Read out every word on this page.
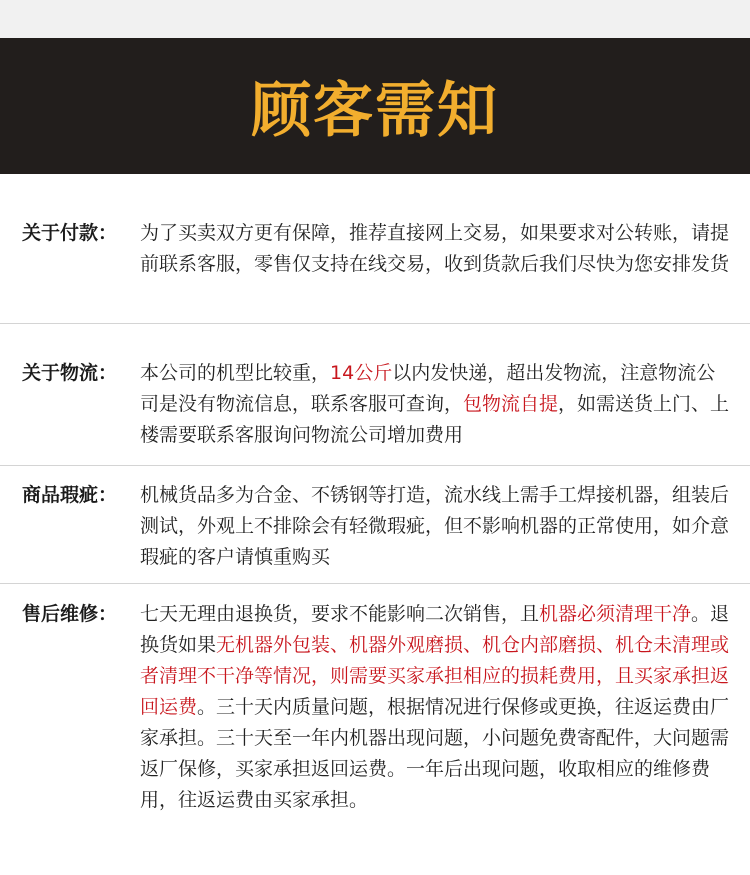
顾客需知
关于付款：	为了买卖双方更有保障，推荐直接网上交易，如果要求对公转账，请提前联系客服，零售仅支持在线交易，收到货款后我们尽快为您安排发货
关于物流：	本公司的机型比较重，14公斤以内发快递，超出发物流，注意物流公司是没有物流信息，联系客服可查询，包物流自提，如需送货上门、上楼需要联系客服询问物流公司增加费用
商品瑕疵：	机械货品多为合金、不锈钢等打造，流水线上需手工焊接机器，组装后测试，外观上不排除会有轻微瑕疵，但不影响机器的正常使用，如介意瑕疵的客户请慎重购买
售后维修：	七天无理由退换货，要求不能影响二次销售，且机器必须清理干净。退换货如果无机器外包装、机器外观磨损、机仓内部磨损、机仓未清理或者清理不干净等情况，则需要买家承担相应的损耗费用，且买家承担返回运费。三十天内质量问题，根据情况进行保修或更换，往返运费由厂家承担。三十天至一年内机器出现问题，小问题免费寄配件，大问题需返厂保修，买家承担返回运费。一年后出现问题，收取相应的维修费用，往返运费由买家承担。
